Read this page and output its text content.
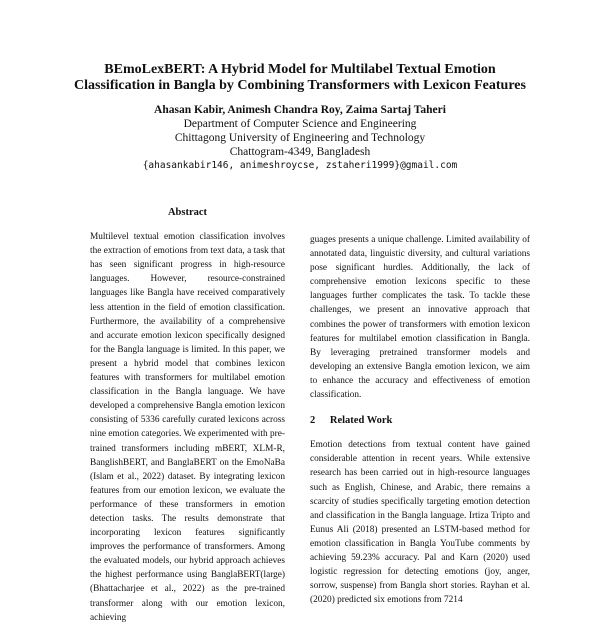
BEmoLexBERT: A Hybrid Model for Multilabel Textual Emotion Classification in Bangla by Combining Transformers with Lexicon Features
Ahasan Kabir, Animesh Chandra Roy, Zaima Sartaj Taheri
Department of Computer Science and Engineering
Chittagong University of Engineering and Technology
Chattogram-4349, Bangladesh
{ahasankabir146, animeshroycse, zstaheri1999}@gmail.com
Abstract

Multilevel textual emotion classification involves the extraction of emotions from text data, a task that has seen significant progress in high-resource languages. However, resource-constrained languages like Bangla have received comparatively less attention in the field of emotion classification. Furthermore, the availability of a comprehensive and accurate emotion lexicon specifically designed for the Bangla language is limited. In this paper, we present a hybrid model that combines lexicon features with transformers for multilabel emotion classification in the Bangla language. We have developed a comprehensive Bangla emotion lexicon consisting of 5336 carefully curated lexicons across nine emotion categories. We experimented with pre-trained transformers including mBERT, XLM-R, BanglishBERT, and BanglaBERT on the EmoNaBa (Islam et al., 2022) dataset. By integrating lexicon features from our emotion lexicon, we evaluate the performance of these transformers in emotion detection tasks. The results demonstrate that incorporating lexicon features significantly improves the performance of transformers. Among the evaluated models, our hybrid approach achieves the highest performance using BanglaBERT(large) (Bhattacharjee et al., 2022) as the pre-trained transformer along with our emotion lexicon, achieving

guages presents a unique challenge. Limited availability of annotated data, linguistic diversity, and cultural variations pose significant hurdles. Additionally, the lack of comprehensive emotion lexicons specific to these languages further complicates the task. To tackle these challenges, we present an innovative approach that combines the power of transformers with emotion lexicon features for multilabel emotion classification in Bangla. By leveraging pretrained transformer models and developing an extensive Bangla emotion lexicon, we aim to enhance the accuracy and effectiveness of emotion classification.

2 Related Work

Emotion detections from textual content have gained considerable attention in recent years. While extensive research has been carried out in high-resource languages such as English, Chinese, and Arabic, there remains a scarcity of studies specifically targeting emotion detection and classification in the Bangla language. Irtiza Tripto and Eunus Ali (2018) presented an LSTM-based method for emotion classification in Bangla YouTube comments by achieving 59.23% accuracy. Pal and Karn (2020) used logistic regression for detecting emotions (joy, anger, sorrow, suspense) from Bangla short stories. Rayhan et al. (2020) predicted six emotions from 7214
